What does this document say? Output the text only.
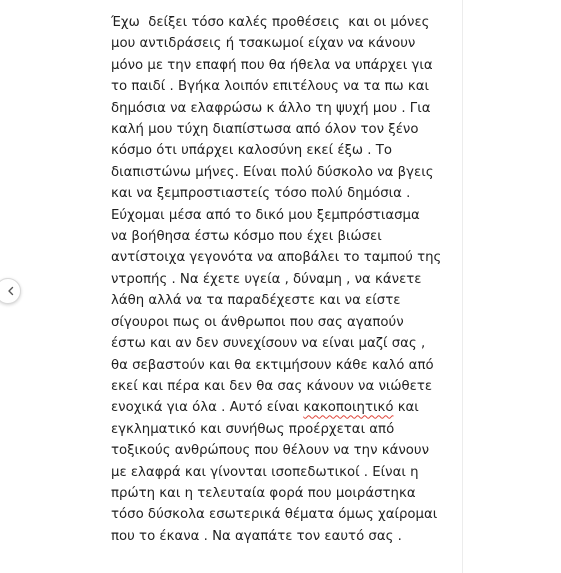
Έχω  δείξει τόσο καλές προθέσεις  και οι μόνες
μου αντιδράσεις ή τσακωμοί είχαν να κάνουν
μόνο με την επαφή που θα ήθελα να υπάρχει για
το παιδί . Βγήκα λοιπόν επιτέλους να τα πω και
δημόσια να ελαφρώσω κ άλλο τη ψυχή μου . Για
καλή μου τύχη διαπίστωσα από όλον τον ξένο
κόσμο ότι υπάρχει καλοσύνη εκεί έξω . Το
διαπιστώνω μήνες. Είναι πολύ δύσκολο να βγεις
και να ξεμπροστιαστείς τόσο πολύ δημόσια .
Εύχομαι μέσα από το δικό μου ξεμπρόστιασμα
να βοήθησα έστω κόσμο που έχει βιώσει
αντίστοιχα γεγονότα να αποβάλει το ταμπού της
ντροπής . Να έχετε υγεία , δύναμη , να κάνετε
λάθη αλλά να τα παραδέχεστε και να είστε
σίγουροι πως οι άνθρωποι που σας αγαπούν
έστω και αν δεν συνεχίσουν να είναι μαζί σας ,
θα σεβαστούν και θα εκτιμήσουν κάθε καλό από
εκεί και πέρα και δεν θα σας κάνουν να νιώθετε
ενοχικά για όλα . Αυτό είναι κακοποιητικό και
εγκληματικό και συνήθως προέρχεται από
τοξικούς ανθρώπους που θέλουν να την κάνουν
με ελαφρά και γίνονται ισοπεδωτικοί . Είναι η
πρώτη και η τελευταία φορά που μοιράστηκα
τόσο δύσκολα εσωτερικά θέματα όμως χαίρομαι
που το έκανα . Να αγαπάτε τον εαυτό σας .
